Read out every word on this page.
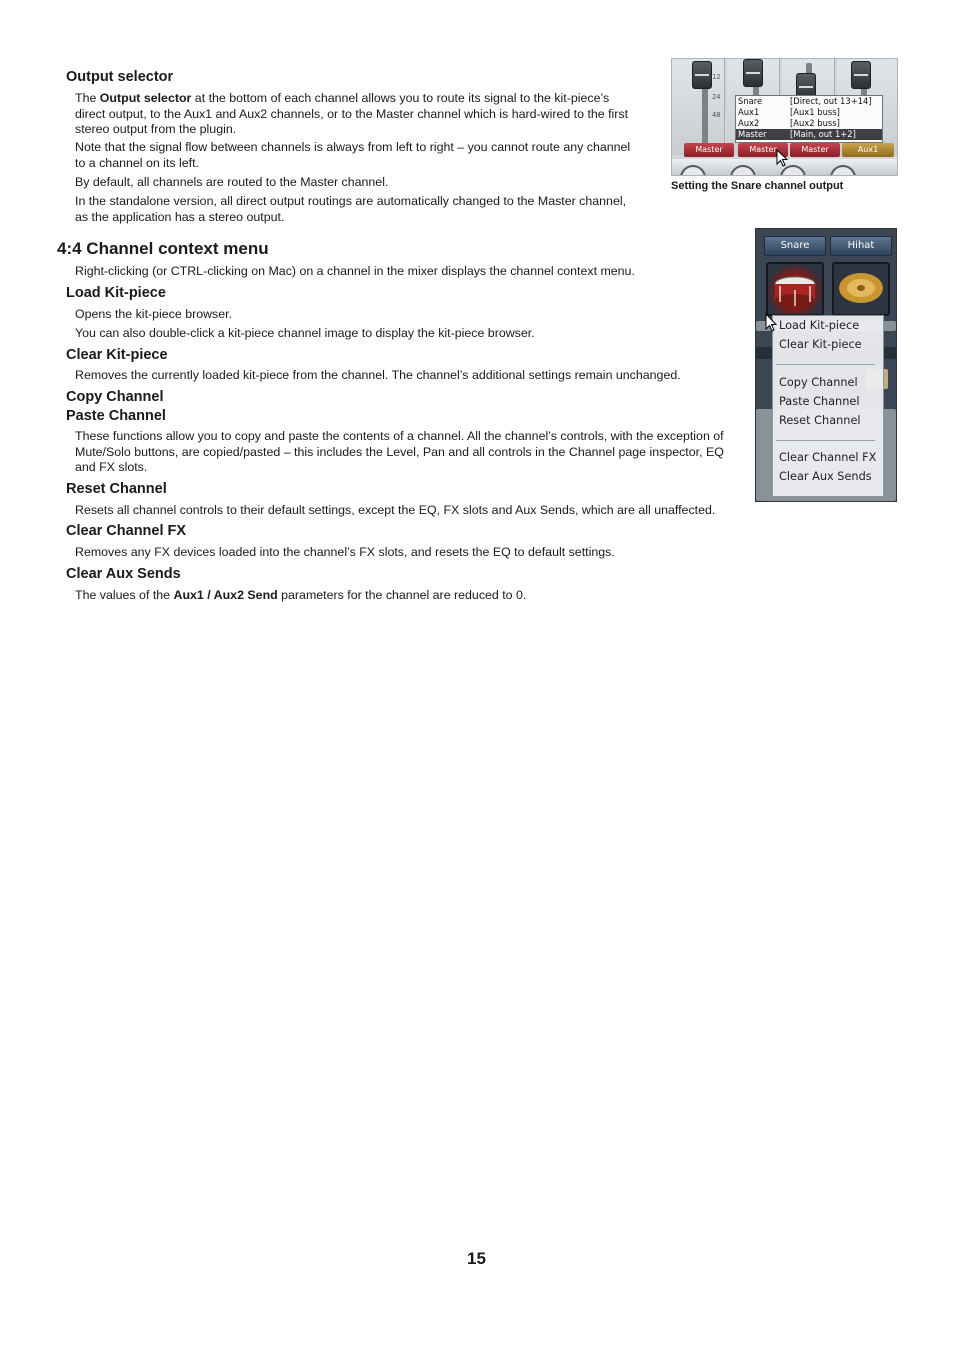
Output selector
The Output selector at the bottom of each channel allows you to route its signal to the kit-piece’s
direct output, to the Aux1 and Aux2 channels, or to the Master channel which is hard-wired to the first
stereo output from the plugin.
Note that the signal flow between channels is always from left to right – you cannot route any channel
to a channel on its left.
By default, all channels are routed to the Master channel.
In the standalone version, all direct output routings are automatically changed to the Master channel,
as the application has a stereo output.
12
24
48
Snare	[Direct, out 13+14]
Aux1	[Aux1 buss]
Aux2	[Aux2 buss]
Master	[Main, out 1+2]
Master	Master	Master	Aux1
Setting the Snare channel output
4:4 Channel context menu
Right-clicking (or CTRL-clicking on Mac) on a channel in the mixer displays the channel context menu.
Snare	Hihat
Load Kit-piece
Clear Kit-piece
Copy Channel
Paste Channel
Reset Channel
Clear Channel FX
Clear Aux Sends
Load Kit-piece
Opens the kit-piece browser.
You can also double-click a kit-piece channel image to display the kit-piece browser.
Clear Kit-piece
Removes the currently loaded kit-piece from the channel. The channel’s additional settings remain unchanged.
Copy Channel
Paste Channel
These functions allow you to copy and paste the contents of a channel. All the channel’s controls, with the exception of
Mute/Solo buttons, are copied/pasted – this includes the Level, Pan and all controls in the Channel page inspector, EQ
and FX slots.
Reset Channel
Resets all channel controls to their default settings, except the EQ, FX slots and Aux Sends, which are all unaffected.
Clear Channel FX
Removes any FX devices loaded into the channel’s FX slots, and resets the EQ to default settings.
Clear Aux Sends
The values of the Aux1 / Aux2 Send parameters for the channel are reduced to 0.
15
